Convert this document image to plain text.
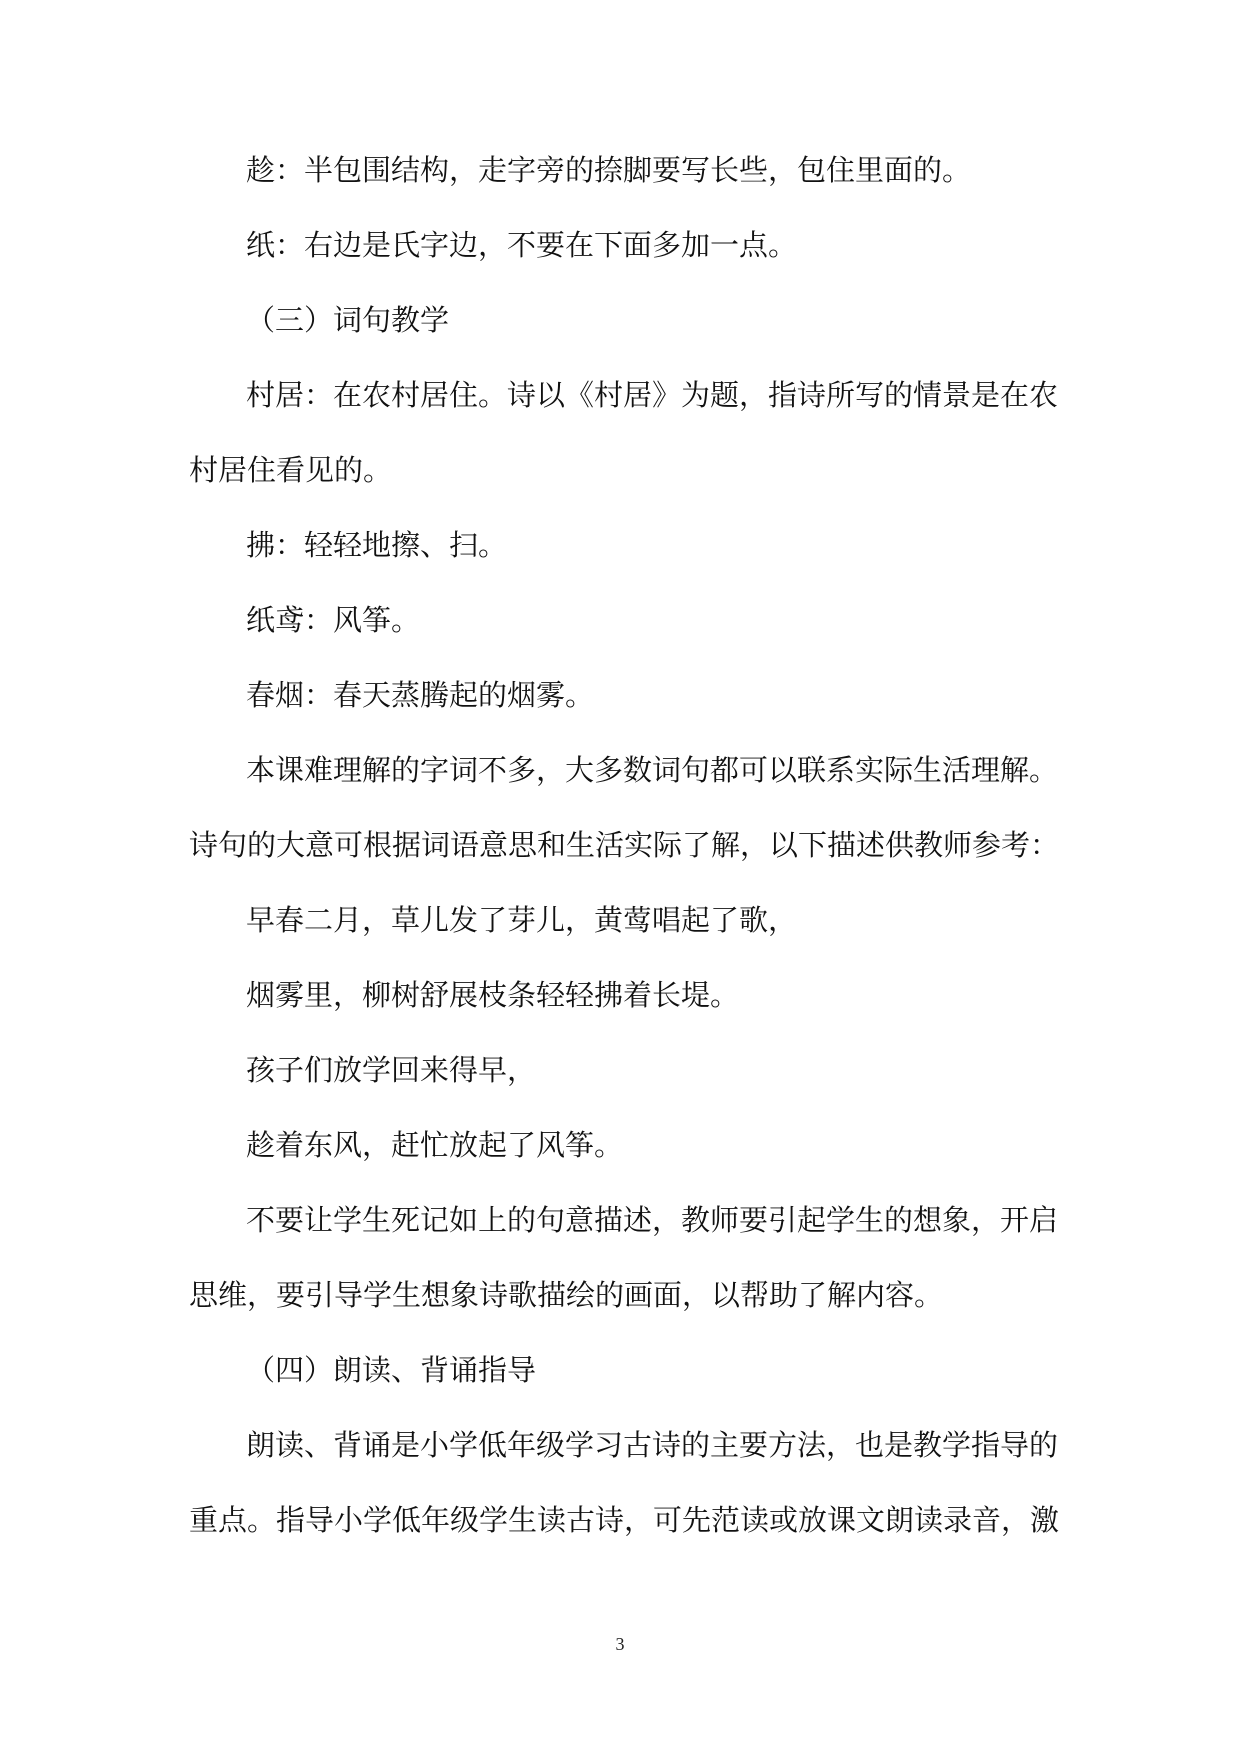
趁：半包围结构，走字旁的捺脚要写长些，包住里面的。
纸：右边是氏字边，不要在下面多加一点。
（三）词句教学
村居：在农村居住。诗以《村居》为题，指诗所写的情景是在农
村居住看见的。
拂：轻轻地擦、扫。
纸鸢：风筝。
春烟：春天蒸腾起的烟雾。
本课难理解的字词不多，大多数词句都可以联系实际生活理解。
诗句的大意可根据词语意思和生活实际了解，以下描述供教师参考：
早春二月，草儿发了芽儿，黄莺唱起了歌，
烟雾里，柳树舒展枝条轻轻拂着长堤。
孩子们放学回来得早，
趁着东风，赶忙放起了风筝。
不要让学生死记如上的句意描述，教师要引起学生的想象，开启
思维，要引导学生想象诗歌描绘的画面，以帮助了解内容。
（四）朗读、背诵指导
朗读、背诵是小学低年级学习古诗的主要方法，也是教学指导的
重点。指导小学低年级学生读古诗，可先范读或放课文朗读录音，激
3
